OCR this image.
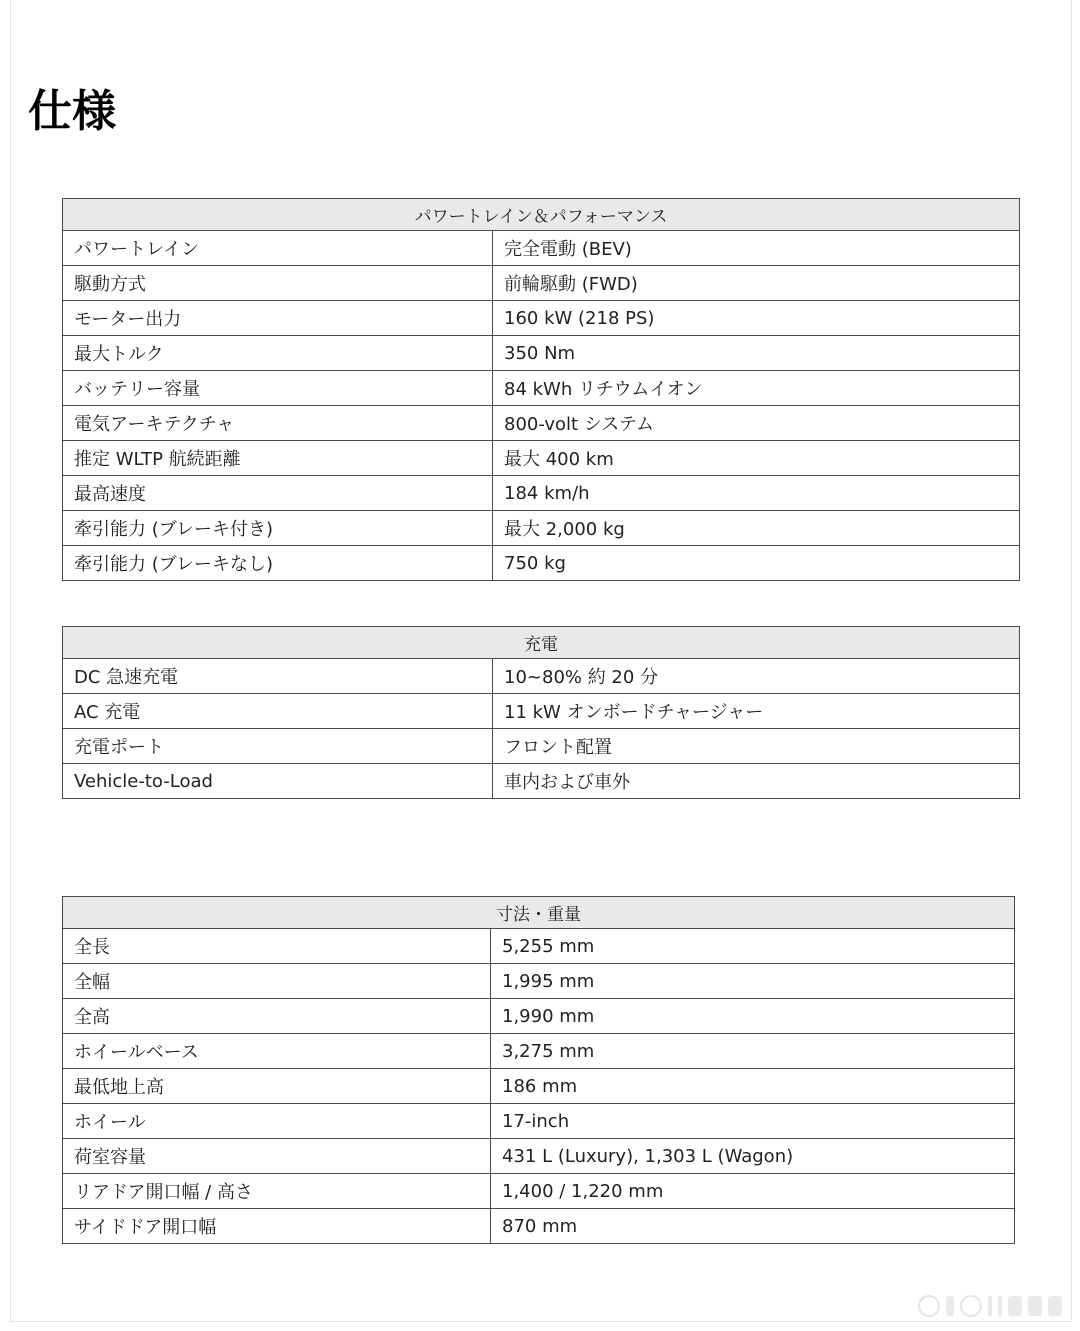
仕様
パワートレイン＆パフォーマンス	
パワートレイン	完全電動 (BEV)
駆動方式	前輪駆動 (FWD)
モーター出力	160 kW (218 PS)
最大トルク	350 Nm
バッテリー容量	84 kWh リチウムイオン
電気アーキテクチャ	800-volt システム
推定 WLTP 航続距離	最大 400 km
最高速度	184 km/h
牽引能力 (ブレーキ付き)	最大 2,000 kg
牽引能力 (ブレーキなし)	750 kg
充電	
DC 急速充電	10~80% 約 20 分
AC 充電	11 kW オンボードチャージャー
充電ポート	フロント配置
Vehicle-to-Load	車内および車外
寸法・重量	
全長	5,255 mm
全幅	1,995 mm
全高	1,990 mm
ホイールベース	3,275 mm
最低地上高	186 mm
ホイール	17-inch
荷室容量	431 L (Luxury), 1,303 L (Wagon)
リアドア開口幅 / 高さ	1,400 / 1,220 mm
サイドドア開口幅	870 mm
